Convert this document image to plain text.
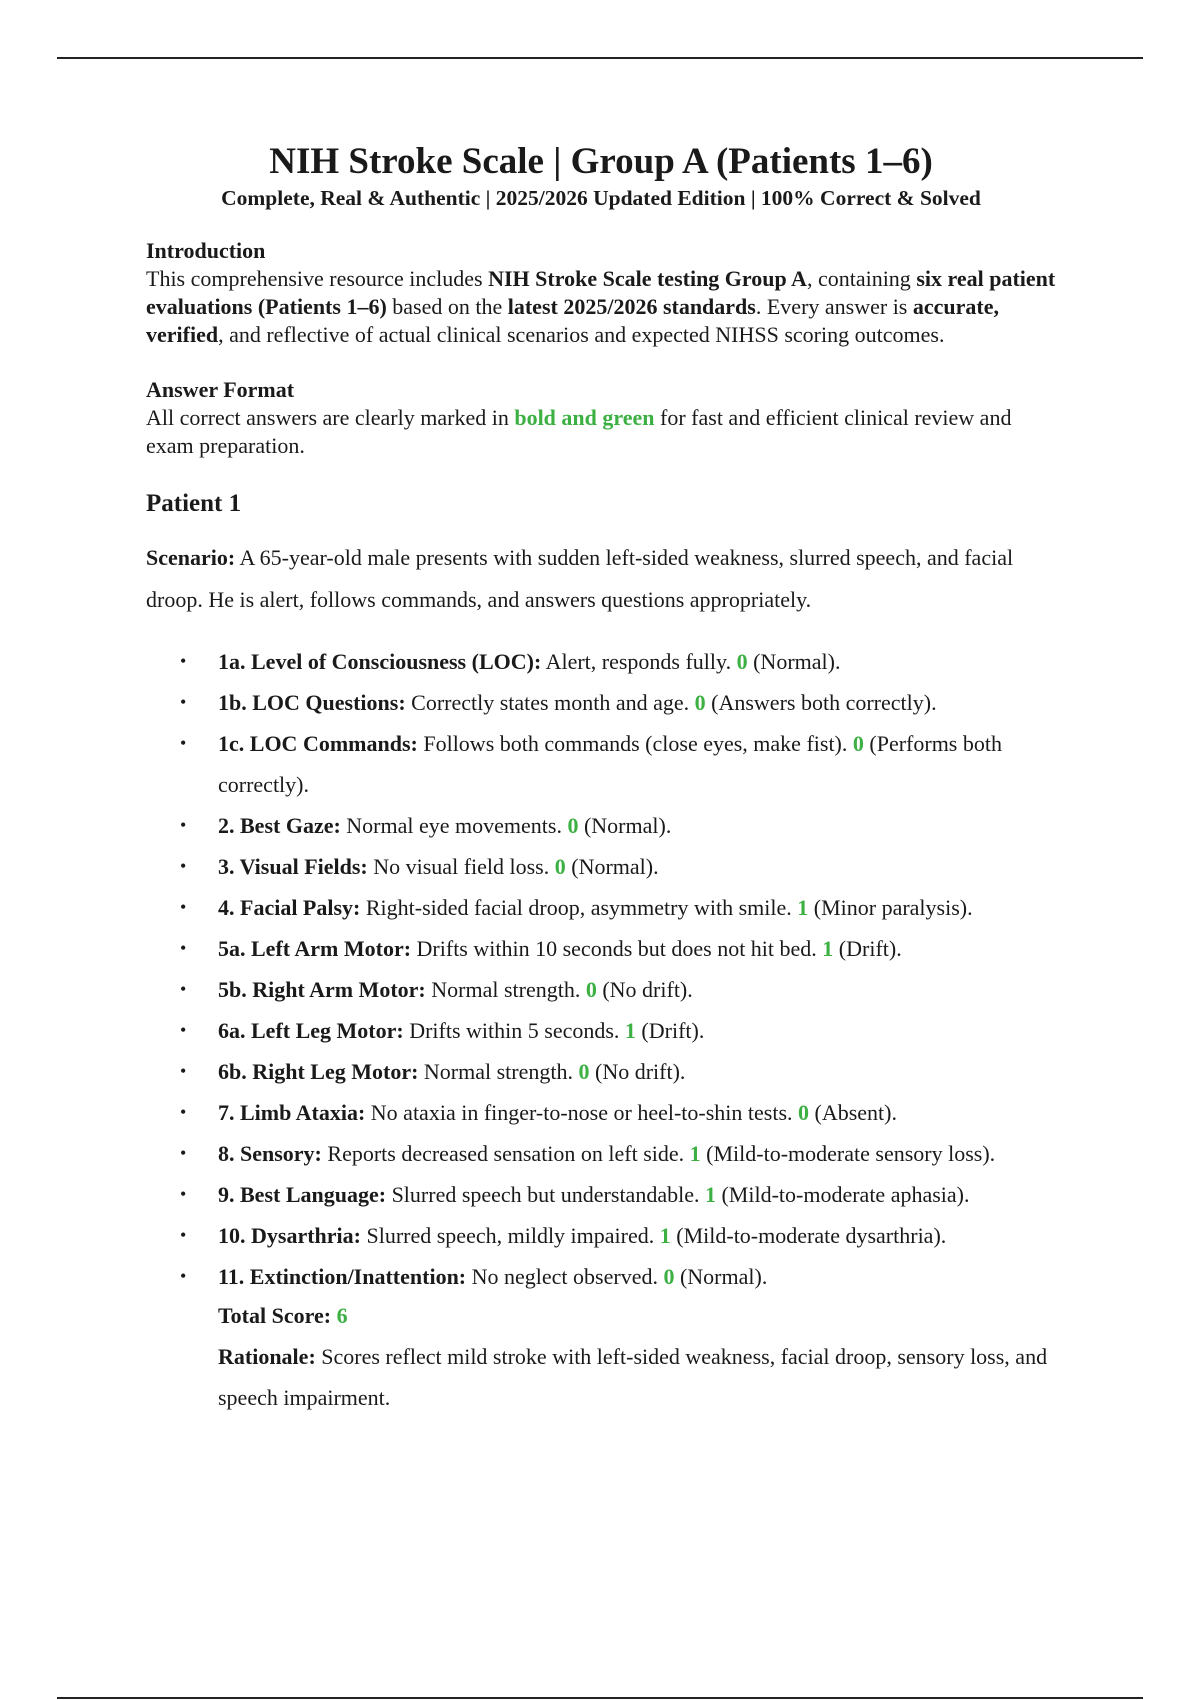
NIH Stroke Scale | Group A (Patients 1–6)

Complete, Real & Authentic | 2025/2026 Updated Edition | 100% Correct & Solved

Introduction

This comprehensive resource includes NIH Stroke Scale testing Group A, containing six real patient evaluations (Patients 1–6) based on the latest 2025/2026 standards. Every answer is accurate, verified, and reflective of actual clinical scenarios and expected NIHSS scoring outcomes.

Answer Format

All correct answers are clearly marked in bold and green for fast and efficient clinical review and exam preparation.

Patient 1

Scenario: A 65-year-old male presents with sudden left-sided weakness, slurred speech, and facial droop. He is alert, follows commands, and answers questions appropriately.

• 1a. Level of Consciousness (LOC): Alert, responds fully. 0 (Normal).
• 1b. LOC Questions: Correctly states month and age. 0 (Answers both correctly).
• 1c. LOC Commands: Follows both commands (close eyes, make fist). 0 (Performs both correctly).
• 2. Best Gaze: Normal eye movements. 0 (Normal).
• 3. Visual Fields: No visual field loss. 0 (Normal).
• 4. Facial Palsy: Right-sided facial droop, asymmetry with smile. 1 (Minor paralysis).
• 5a. Left Arm Motor: Drifts within 10 seconds but does not hit bed. 1 (Drift).
• 5b. Right Arm Motor: Normal strength. 0 (No drift).
• 6a. Left Leg Motor: Drifts within 5 seconds. 1 (Drift).
• 6b. Right Leg Motor: Normal strength. 0 (No drift).
• 7. Limb Ataxia: No ataxia in finger-to-nose or heel-to-shin tests. 0 (Absent).
• 8. Sensory: Reports decreased sensation on left side. 1 (Mild-to-moderate sensory loss).
• 9. Best Language: Slurred speech but understandable. 1 (Mild-to-moderate aphasia).
• 10. Dysarthria: Slurred speech, mildly impaired. 1 (Mild-to-moderate dysarthria).
• 11. Extinction/Inattention: No neglect observed. 0 (Normal).

Total Score: 6

Rationale: Scores reflect mild stroke with left-sided weakness, facial droop, sensory loss, and speech impairment.
